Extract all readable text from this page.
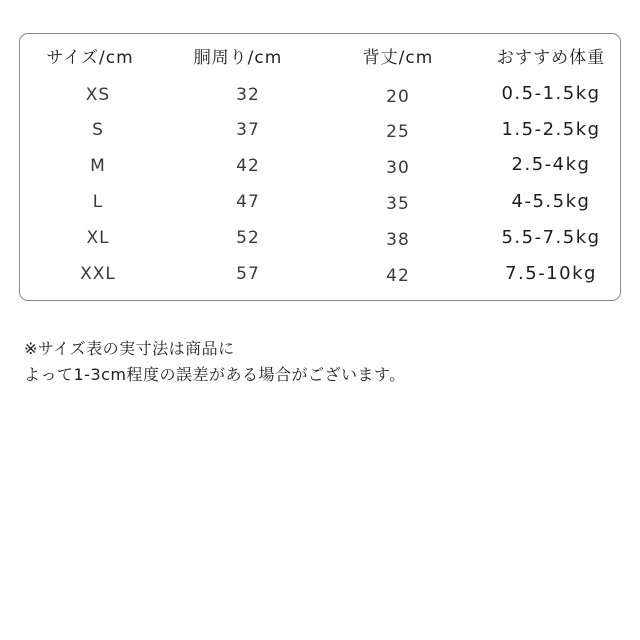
サイズ/cm	胴周り/cm	背丈/cm	おすすめ体重
XS	32	20	0.5-1.5kg
S	37	25	1.5-2.5kg
M	42	30	2.5-4kg
L	47	35	4-5.5kg
XL	52	38	5.5-7.5kg
XXL	57	42	7.5-10kg
※サイズ表の実寸法は商品に
よって1-3cm程度の誤差がある場合がございます。
